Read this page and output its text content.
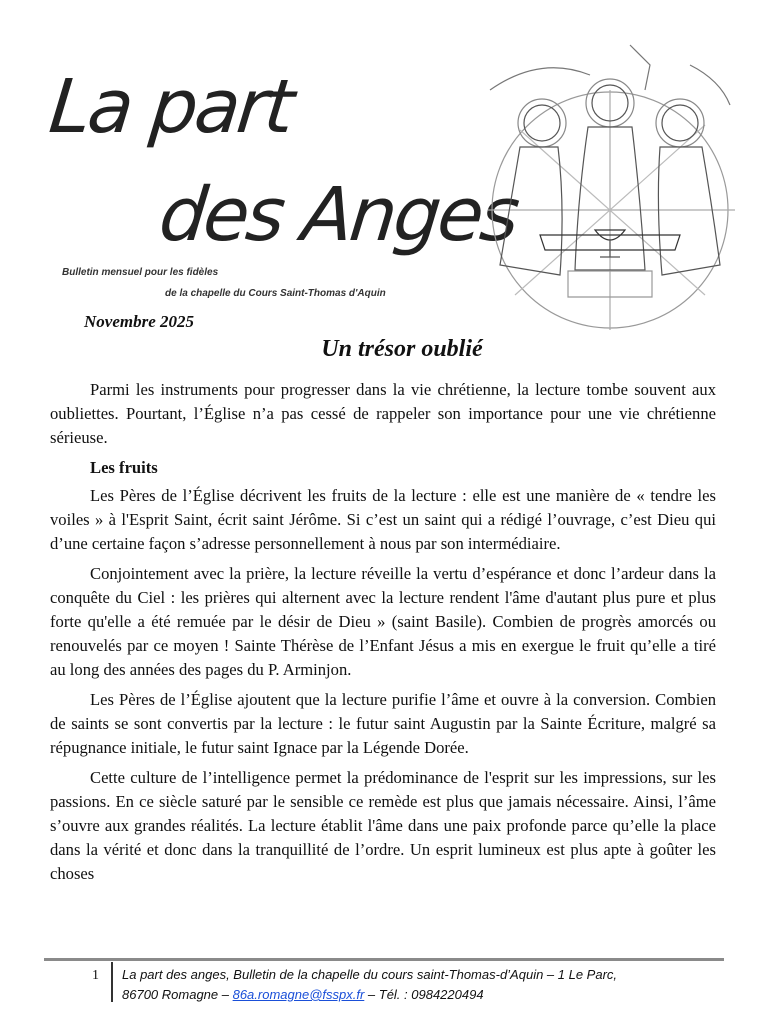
La part
des Anges
Bulletin mensuel pour les fidèles
de la chapelle du Cours Saint-Thomas d'Aquin
Novembre 2025
Un trésor oublié

Parmi les instruments pour progresser dans la vie chrétienne, la lecture tombe souvent aux oubliettes. Pourtant, l’Église n’a pas cessé de rappeler son importance pour une vie chrétienne sérieuse.

Les fruits

Les Pères de l’Église décrivent les fruits de la lecture : elle est une manière de « tendre les voiles » à l'Esprit Saint, écrit saint Jérôme. Si c’est un saint qui a rédigé l’ouvrage, c’est Dieu qui d’une certaine façon s’adresse personnellement à nous par son intermédiaire.

Conjointement avec la prière, la lecture réveille la vertu d’espérance et donc l’ardeur dans la conquête du Ciel : les prières qui alternent avec la lecture rendent l'âme d'autant plus pure et plus forte qu'elle a été remuée par le désir de Dieu » (saint Basile). Combien de progrès amorcés ou renouvelés par ce moyen ! Sainte Thérèse de l’Enfant Jésus a mis en exergue le fruit qu’elle a tiré au long des années des pages du P. Arminjon.

Les Pères de l’Église ajoutent que la lecture purifie l’âme et ouvre à la conversion. Combien de saints se sont convertis par la lecture : le futur saint Augustin par la Sainte Écriture, malgré sa répugnance initiale, le futur saint Ignace par la Légende Dorée.

Cette culture de l’intelligence permet la prédominance de l'esprit sur les impressions, sur les passions. En ce siècle saturé par le sensible ce remède est plus que jamais nécessaire. Ainsi, l’âme s’ouvre aux grandes réalités. La lecture établit l'âme dans une paix profonde parce qu’elle la place dans la vérité et donc dans la tranquillité de l’ordre. Un esprit lumineux est plus apte à goûter les choses

1 La part des anges, Bulletin de la chapelle du cours saint-Thomas-d’Aquin – 1 Le Parc,
86700 Romagne – 86a.romagne@fsspx.fr – Tél. : 0984220494
